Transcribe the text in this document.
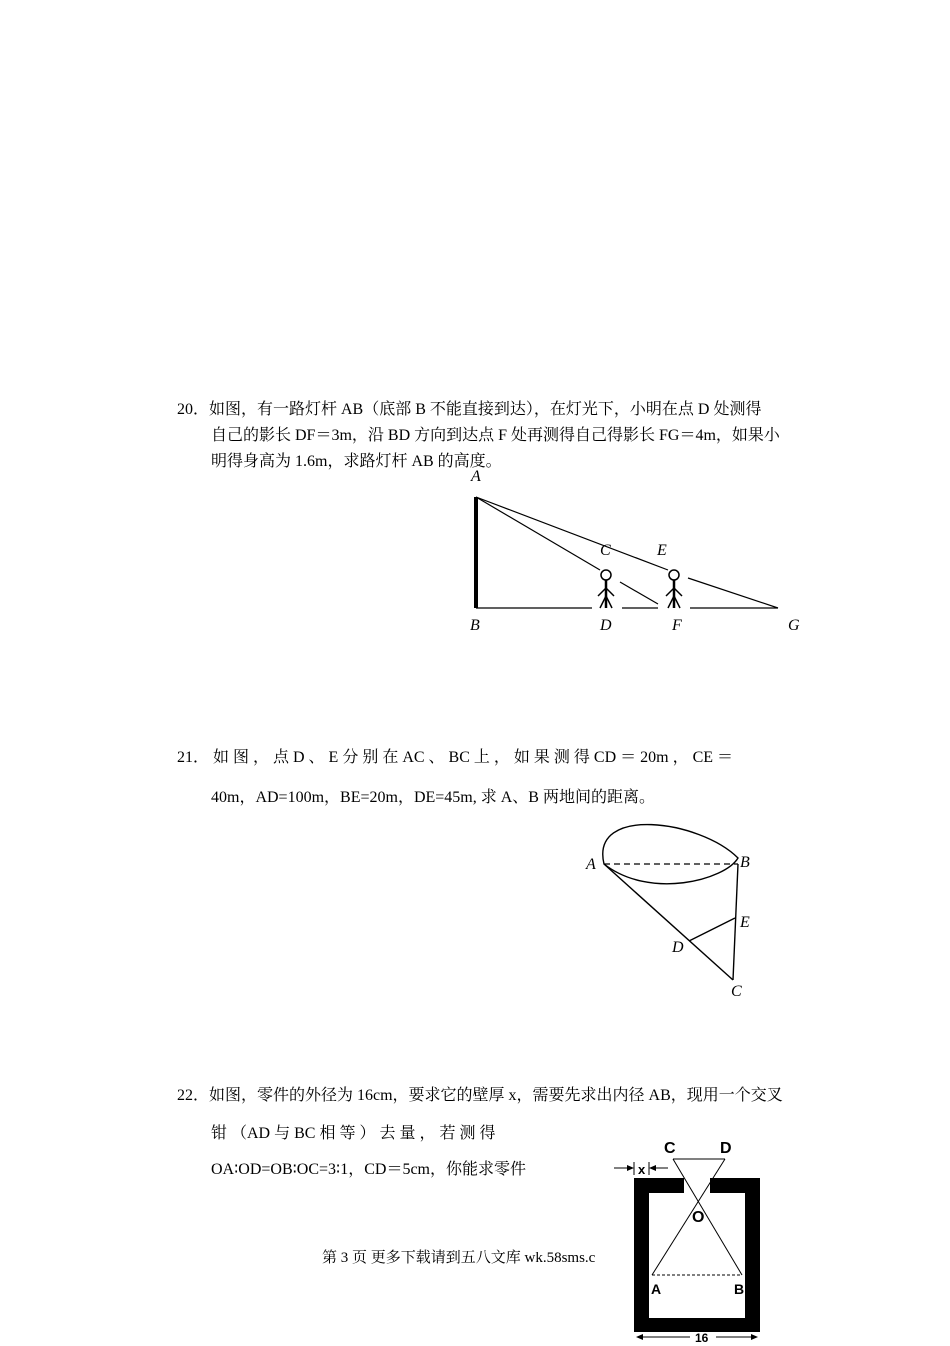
20．如图，有一路灯杆 AB（底部 B 不能直接到达），在灯光下，小明在点 D 处测得
自己的影长 DF＝3m，沿 BD 方向到达点 F 处再测得自己得影长 FG＝4m，如果小
明得身高为 1.6m，求路灯杆 AB 的高度。
A
C	E
B	D	F	G
21． 如 图 ， 点 D 、 E 分 别 在 AC 、 BC 上 ， 如 果 测 得 CD ＝ 20m ， CE ＝
40m，AD=100m，BE=20m，DE=45m, 求 A、B 两地间的距离。
A	B
E
D
C
22．如图，零件的外径为 16cm，要求它的壁厚 x，需要先求出内径 AB，现用一个交叉
钳 （AD 与 BC 相 等 ） 去 量 ， 若 测 得
OA∶OD=OB∶OC=3∶1，CD＝5cm，你能求零件
C	D
x
O
A	B
16
第 3 页 更多下载请到五八文库 wk.58sms.c
